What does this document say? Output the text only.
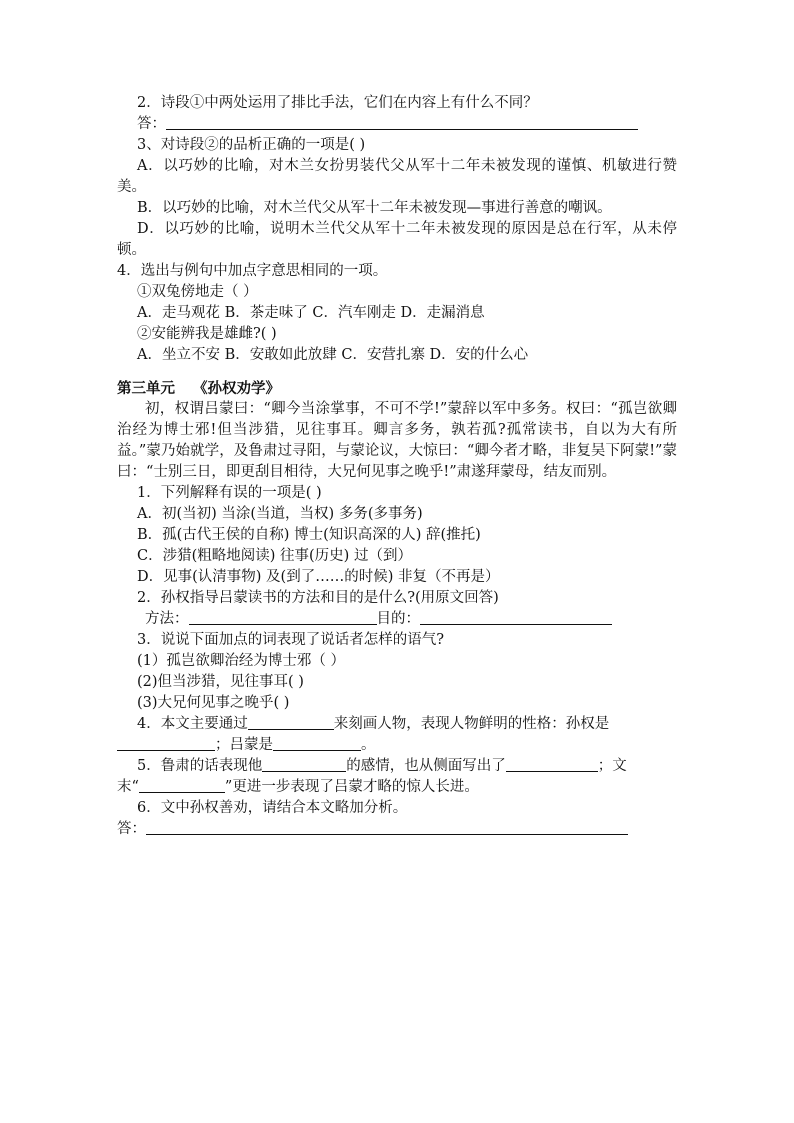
2．诗段①中两处运用了排比手法，它们在内容上有什么不同？
答：
3、对诗段②的品析正确的一项是( )
A．以巧妙的比喻，对木兰女扮男装代父从军十二年未被发现的谨慎、机敏进行赞美。
B．以巧妙的比喻，对木兰代父从军十二年未被发现—事进行善意的嘲讽。
D．以巧妙的比喻，说明木兰代父从军十二年未被发现的原因是总在行军，从未停顿。
4．选出与例句中加点字意思相同的一项。
①双兔傍地走（ ）
A．走马观花 B．茶走味了 C．汽车刚走 D．走漏消息
②安能辨我是雄雌?( )
A．坐立不安 B．安敢如此放肆 C．安营扎寨 D．安的什么心
第三单元 《孙权劝学》
初，权谓吕蒙曰：“卿今当涂掌事，不可不学!”蒙辞以军中多务。权曰：“孤岂欲卿治经为博士邪!但当涉猎，见往事耳。卿言多务，孰若孤?孤常读书，自以为大有所益。”蒙乃始就学，及鲁肃过寻阳，与蒙论议，大惊曰：“卿今者才略，非复吴下阿蒙!”蒙曰：“士别三日，即更刮目相待，大兄何见事之晚乎!”肃遂拜蒙母，结友而别。
1．下列解释有误的一项是( )
A．初(当初) 当涂(当道，当权) 多务(多事务)
B．孤(古代王侯的自称) 博士(知识高深的人) 辞(推托)
C．涉猎(粗略地阅读) 往事(历史) 过（到）
D．见事(认清事物) 及(到了……的时候) 非复（不再是）
2．孙权指导吕蒙读书的方法和目的是什么?(用原文回答)
方法：	目的：
3．说说下面加点的词表现了说话者怎样的语气?
(1）孤岂欲卿治经为博士邪（ ）
(2)但当涉猎，见往事耳( )
(3)大兄何见事之晚乎( )
4．本文主要通过	来刻画人物，表现人物鲜明的性格：孙权是
；吕蒙是	。
5．鲁肃的话表现他	的感情，也从侧面写出了	；文
末“	”更进一步表现了吕蒙才略的惊人长进。
6．文中孙权善劝，请结合本文略加分析。
答：
